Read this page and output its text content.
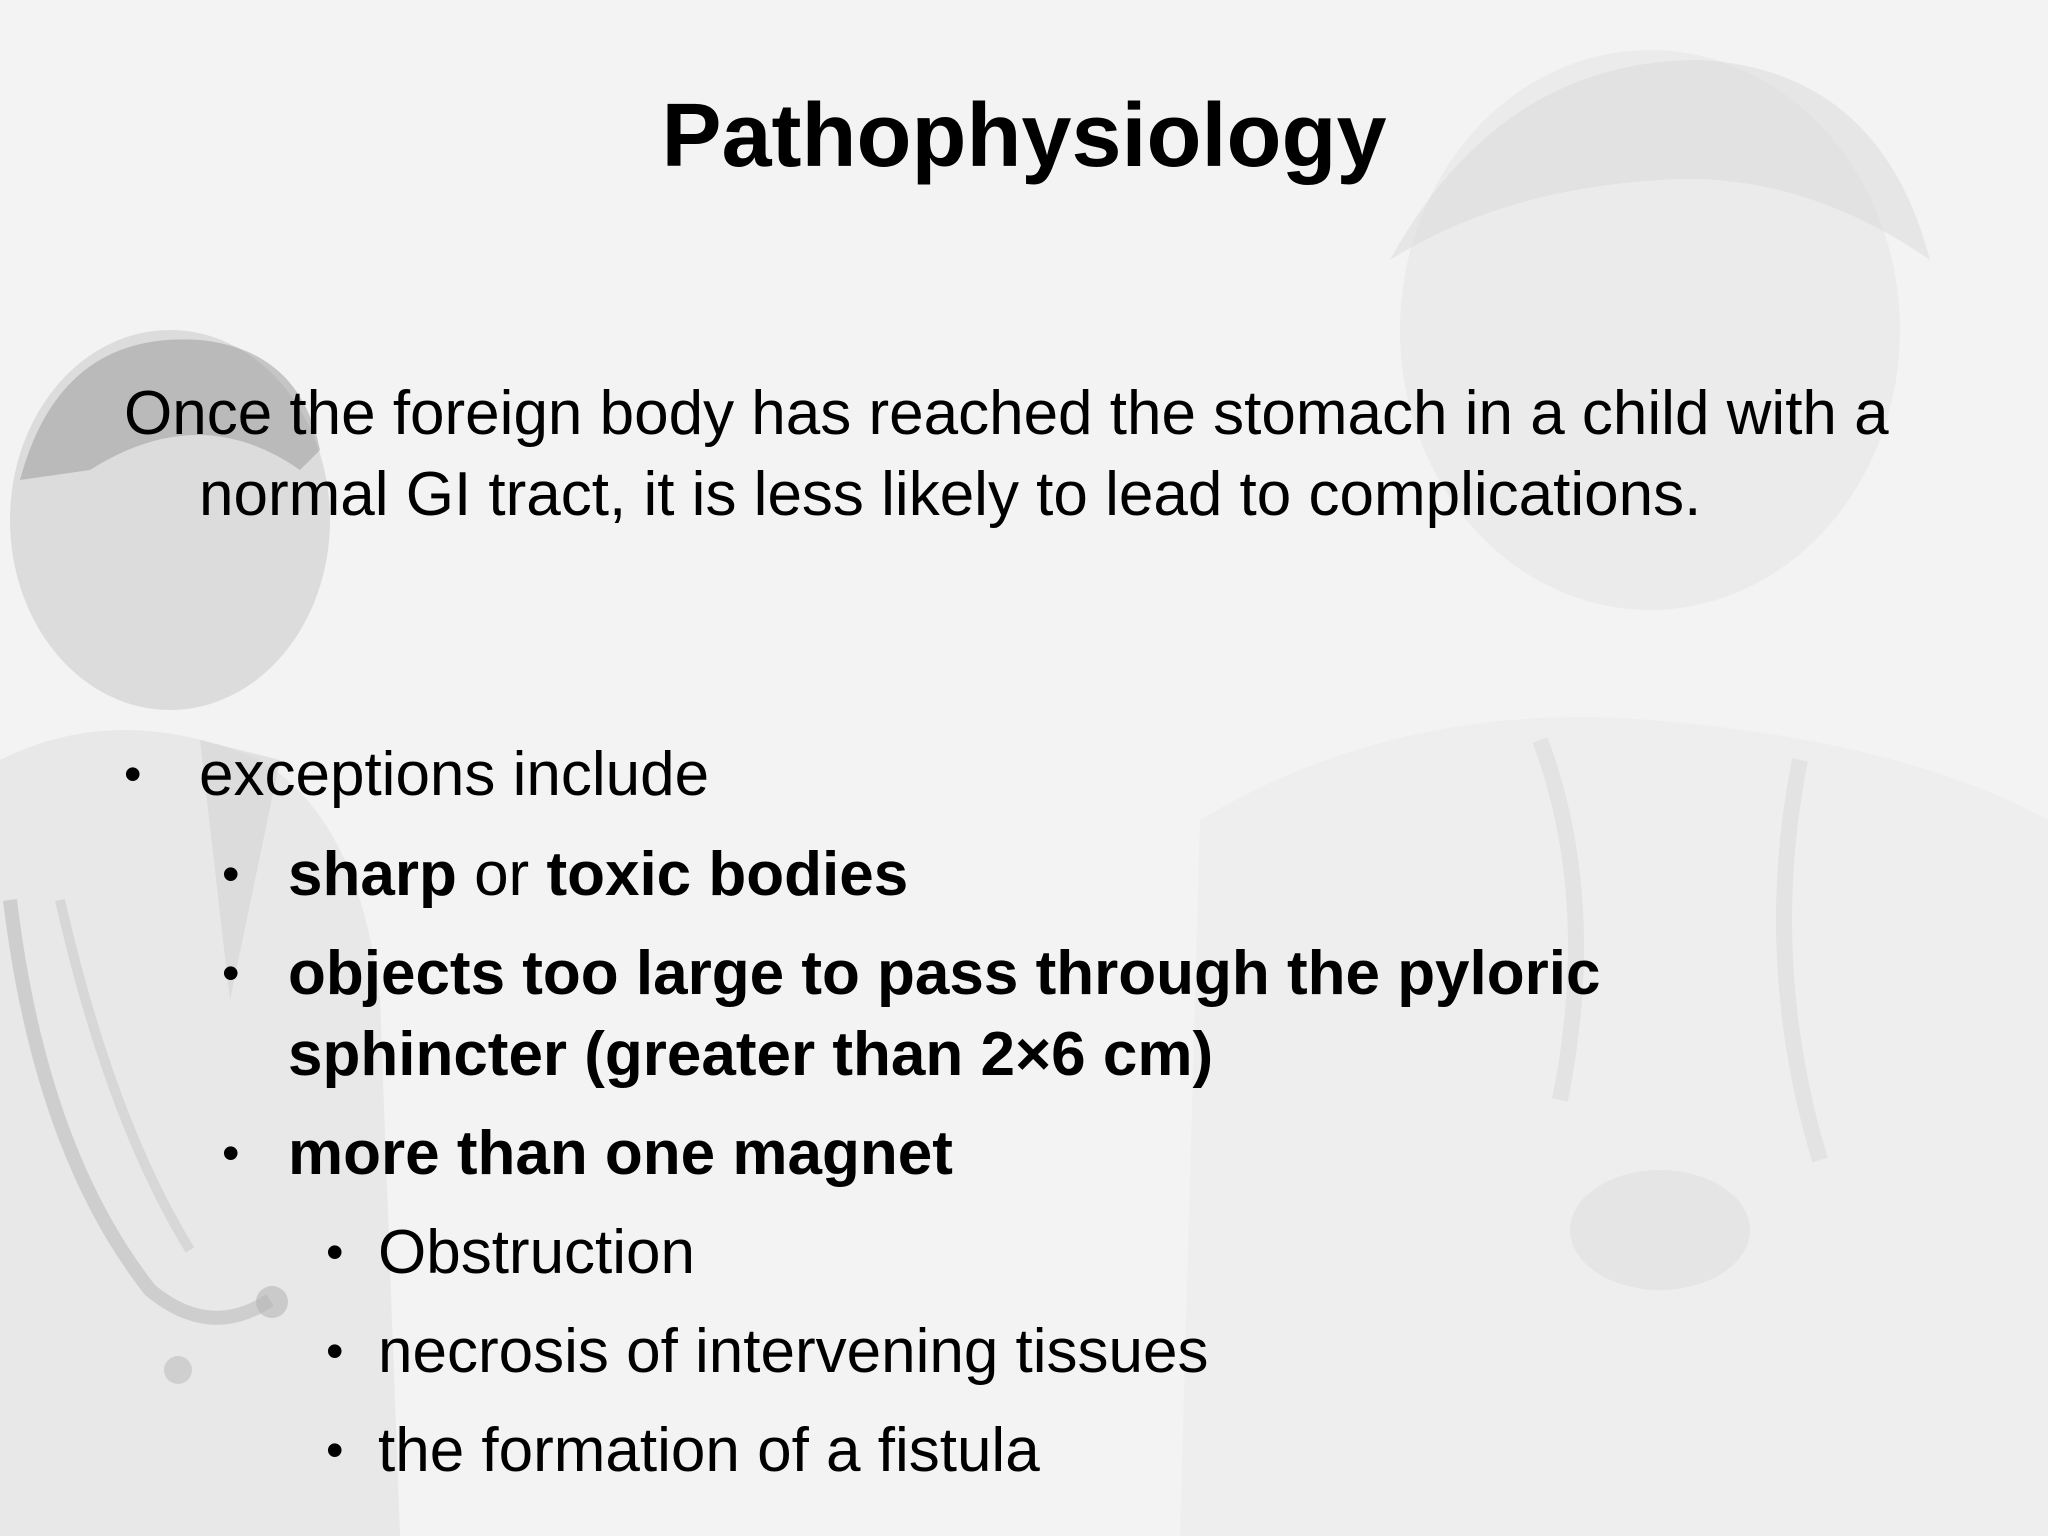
Pathophysiology

Once the foreign body has reached the stomach in a child with a normal GI tract, it is less likely to lead to complications.

• exceptions include

• sharp or toxic bodies

• objects too large to pass through the pyloric

sphincter (greater than 2×6 cm)

• more than one magnet

• Obstruction

• necrosis of intervening tissues

• the formation of a fistula
